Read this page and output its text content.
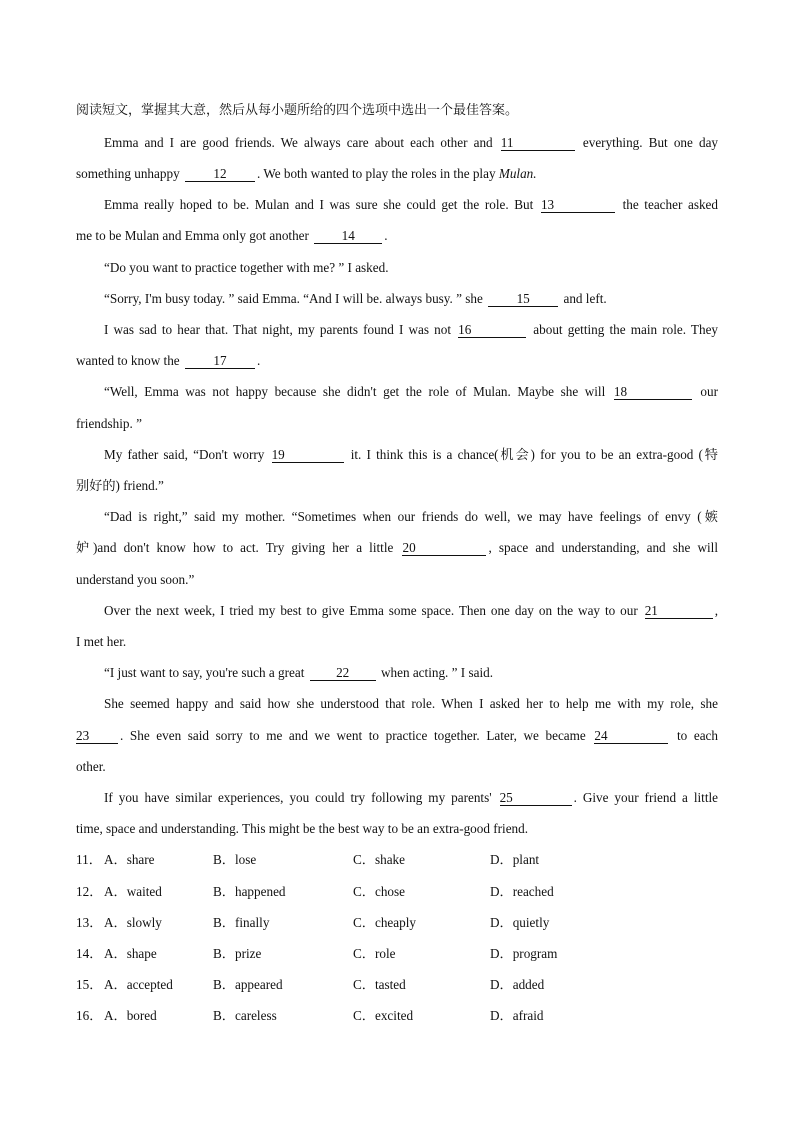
阅读短文，掌握其大意，然后从每小题所给的四个选项中选出一个最佳答案。
Emma and I are good friends. We always care about each other and 11	everything. But one day
something unhappy	12 . We both wanted to play the roles in the play Mulan.
Emma really hoped to be. Mulan and I was sure she could get the role. But 13	the teacher asked
me to be Mulan and Emma only got another 14 .
“Do you want to practice together with me? ” I asked.
“Sorry, I'm busy today. ” said Emma. “And I will be. always busy. ” she	15	and left.
I was sad to hear that. That night, my parents found I was not 16	about getting the main role. They
wanted to know the	17 .
“Well, Emma was not happy because she didn't get the role of Mulan. Maybe she will 18	our
friendship. ”
My father said, “Don't worry 19	it. I think this is a chance(机会) for you to be an extra-good (特
别好的) friend.”
“Dad is right,” said my mother. “Sometimes when our friends do well, we may have feelings of envy (嫉
妒)and don't know how to act. Try giving her a little 20	, space and understanding, and she will
understand you soon.”
Over the next week, I tried my best to give Emma some space. Then one day on the way to our 21	,
I met her.
“I just want to say, you're such a great 22 when acting. ” I said.
She seemed happy and said how she understood that role. When I asked her to help me with my role, she
23 . She even said sorry to me and we went to practice together. Later, we became 24	to each
other.
If you have similar experiences, you could try following my parents' 25	. Give your friend a little
time, space and understanding. This might be the best way to be an extra-good friend.
11． A．share	B．lose	C．shake	D．plant
12． A．waited	B．happened	C．chose	D．reached
13． A．slowly	B．finally	C．cheaply	D．quietly
14． A．shape	B．prize	C．role	D．program
15． A．accepted	B．appeared	C．tasted	D．added
16． A．bored	B．careless	C．excited	D．afraid
